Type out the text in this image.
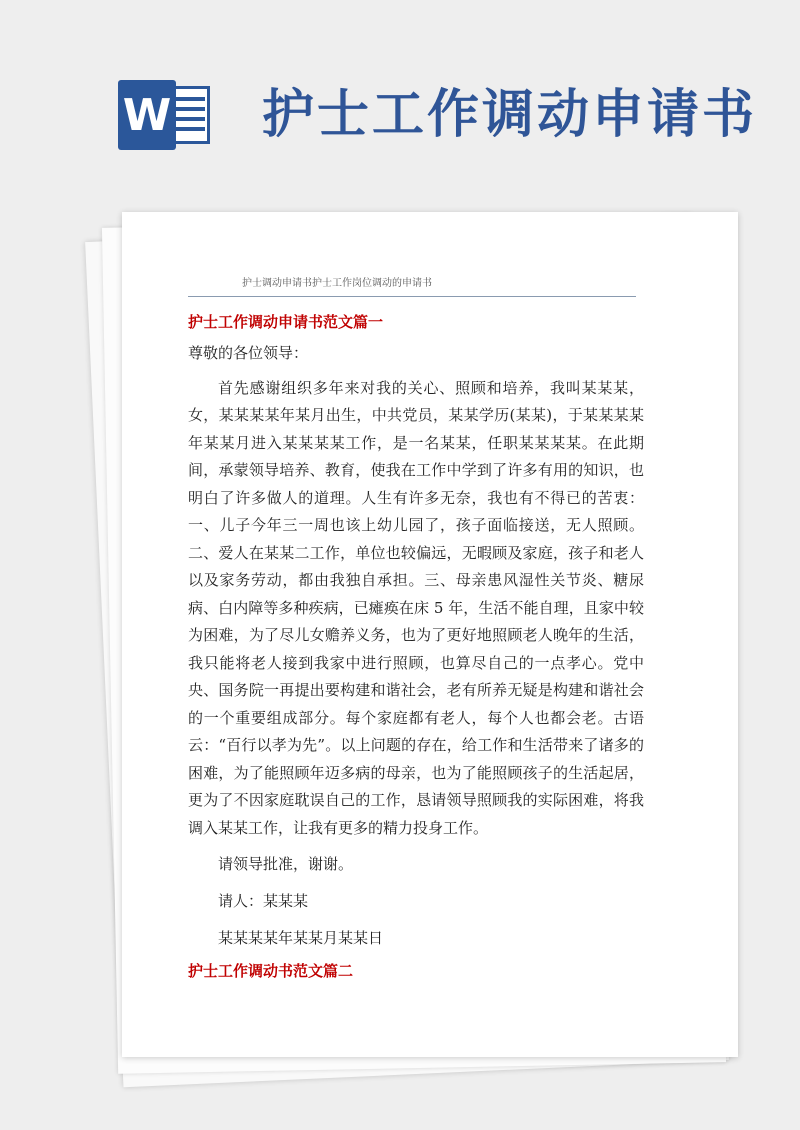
W 护士工作调动申请书
护士调动申请书护士工作岗位调动的申请书

护士工作调动申请书范文篇一

尊敬的各位领导：

首先感谢组织多年来对我的关心、照顾和培养，我叫某某某，女，某某某某年某月出生，中共党员，某某学历(某某)，于某某某某年某某月进入某某某某工作，是一名某某，任职某某某某。在此期间，承蒙领导培养、教育，使我在工作中学到了许多有用的知识，也明白了许多做人的道理。人生有许多无奈，我也有不得已的苦衷：一、儿子今年三一周也该上幼儿园了，孩子面临接送，无人照顾。二、爱人在某某二工作，单位也较偏远，无暇顾及家庭，孩子和老人以及家务劳动，都由我独自承担。三、母亲患风湿性关节炎、糖尿病、白内障等多种疾病，已瘫痪在床 5 年，生活不能自理，且家中较为困难，为了尽儿女赡养义务，也为了更好地照顾老人晚年的生活，我只能将老人接到我家中进行照顾，也算尽自己的一点孝心。党中央、国务院一再提出要构建和谐社会，老有所养无疑是构建和谐社会的一个重要组成部分。每个家庭都有老人，每个人也都会老。古语云：“百行以孝为先”。以上问题的存在，给工作和生活带来了诸多的困难，为了能照顾年迈多病的母亲，也为了能照顾孩子的生活起居，更为了不因家庭耽误自己的工作，恳请领导照顾我的实际困难，将我调入某某工作，让我有更多的精力投身工作。

请领导批准，谢谢。

请人：某某某

某某某某年某某月某某日

护士工作调动书范文篇二
